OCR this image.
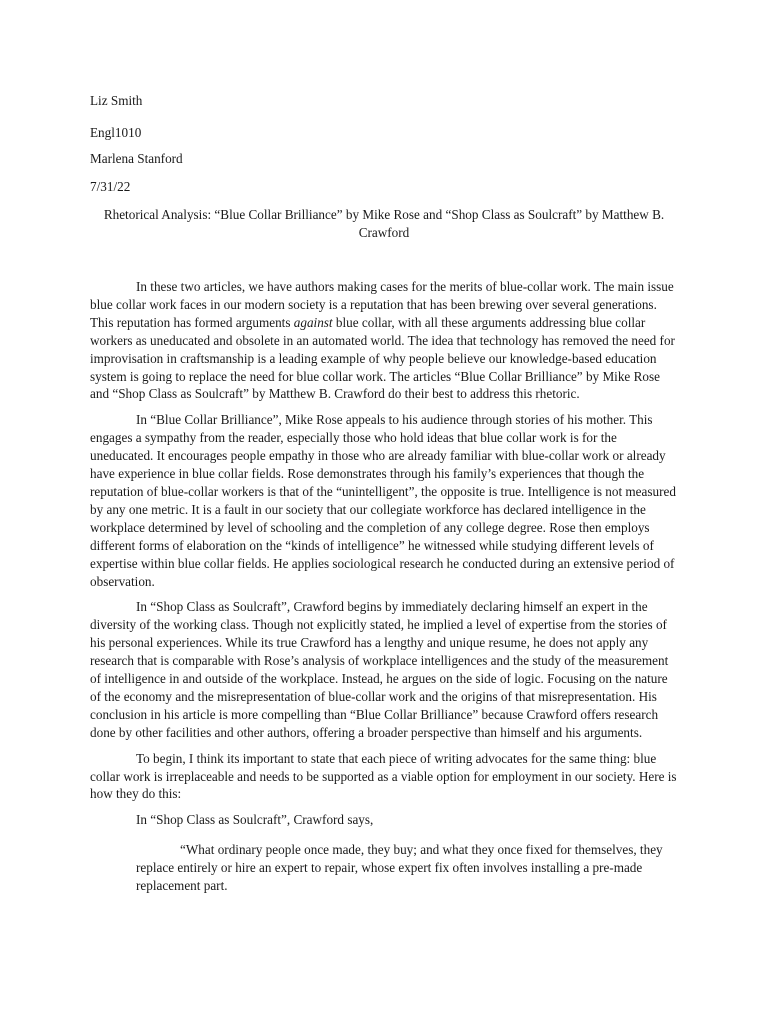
Liz Smith

Engl1010

Marlena Stanford

7/31/22

Rhetorical Analysis: “Blue Collar Brilliance” by Mike Rose and “Shop Class as Soulcraft” by Matthew B. Crawford

In these two articles, we have authors making cases for the merits of blue-collar work. The main issue blue collar work faces in our modern society is a reputation that has been brewing over several generations. This reputation has formed arguments against blue collar, with all these arguments addressing blue collar workers as uneducated and obsolete in an automated world. The idea that technology has removed the need for improvisation in craftsmanship is a leading example of why people believe our knowledge-based education system is going to replace the need for blue collar work. The articles “Blue Collar Brilliance” by Mike Rose and “Shop Class as Soulcraft” by Matthew B. Crawford do their best to address this rhetoric.

In “Blue Collar Brilliance”, Mike Rose appeals to his audience through stories of his mother. This engages a sympathy from the reader, especially those who hold ideas that blue collar work is for the uneducated. It encourages people empathy in those who are already familiar with blue-collar work or already have experience in blue collar fields. Rose demonstrates through his family’s experiences that though the reputation of blue-collar workers is that of the “unintelligent”, the opposite is true. Intelligence is not measured by any one metric. It is a fault in our society that our collegiate workforce has declared intelligence in the workplace determined by level of schooling and the completion of any college degree. Rose then employs different forms of elaboration on the “kinds of intelligence” he witnessed while studying different levels of expertise within blue collar fields. He applies sociological research he conducted during an extensive period of observation.

In “Shop Class as Soulcraft”, Crawford begins by immediately declaring himself an expert in the diversity of the working class. Though not explicitly stated, he implied a level of expertise from the stories of his personal experiences. While its true Crawford has a lengthy and unique resume, he does not apply any research that is comparable with Rose’s analysis of workplace intelligences and the study of the measurement of intelligence in and outside of the workplace. Instead, he argues on the side of logic. Focusing on the nature of the economy and the misrepresentation of blue-collar work and the origins of that misrepresentation. His conclusion in his article is more compelling than “Blue Collar Brilliance” because Crawford offers research done by other facilities and other authors, offering a broader perspective than himself and his arguments.

To begin, I think its important to state that each piece of writing advocates for the same thing: blue collar work is irreplaceable and needs to be supported as a viable option for employment in our society. Here is how they do this:

In “Shop Class as Soulcraft”, Crawford says,

“What ordinary people once made, they buy; and what they once fixed for themselves, they replace entirely or hire an expert to repair, whose expert fix often involves installing a pre-made replacement part.
